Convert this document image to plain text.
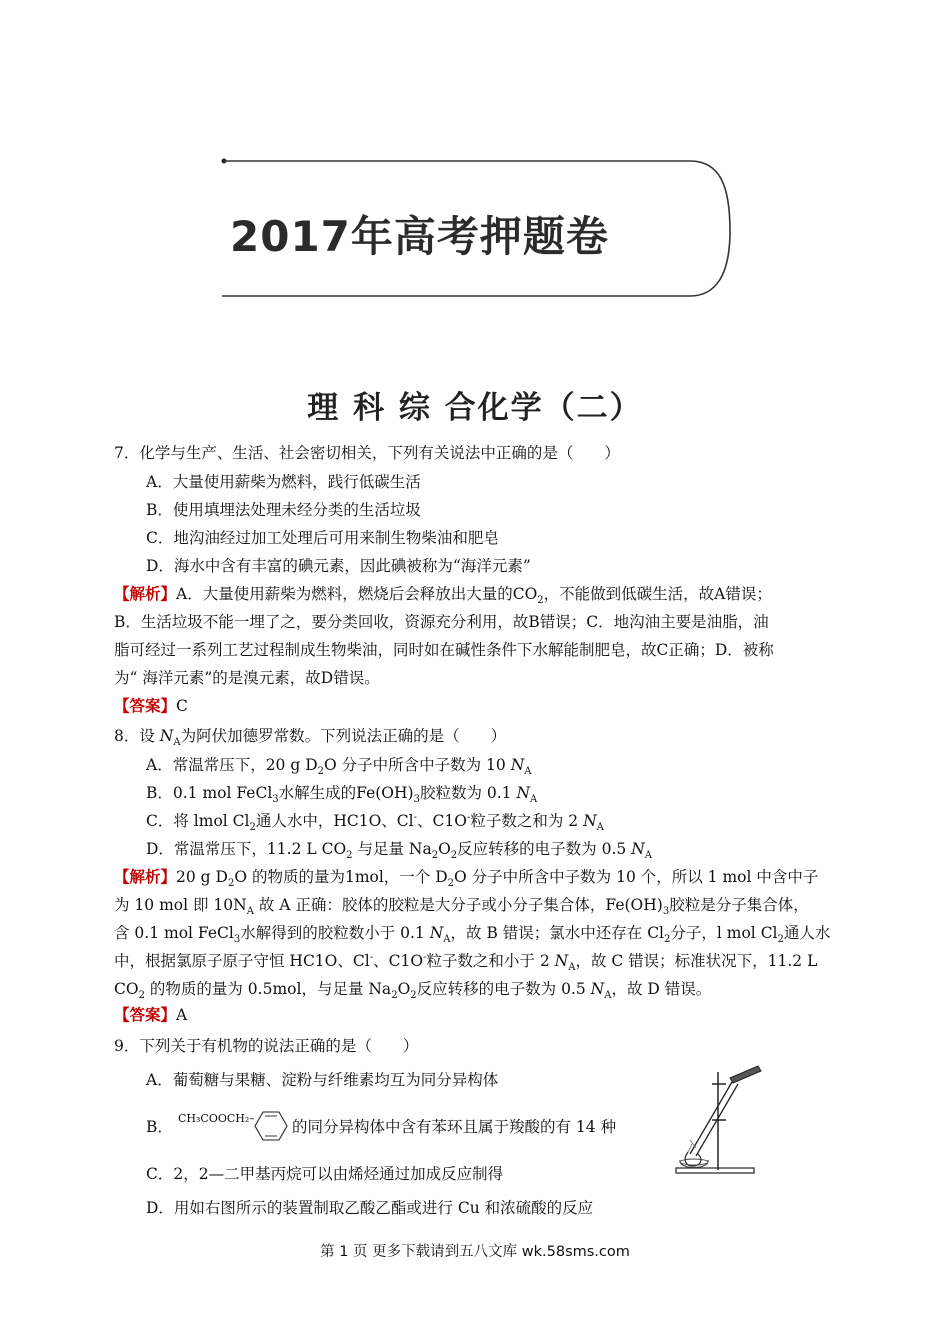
2017年高考押题卷
理 科 综 合化学（二）
7．化学与生产、生活、社会密切相关，下列有关说法中正确的是（　　）
A．大量使用薪柴为燃料，践行低碳生活
B．使用填埋法处理未经分类的生活垃圾
C．地沟油经过加工处理后可用来制生物柴油和肥皂
D．海水中含有丰富的碘元素，因此碘被称为“海洋元素”
【解析】A．大量使用薪柴为燃料，燃烧后会释放出大量的$CO_2$，不能做到低碳生活，故A错误；
B．生活垃圾不能一埋了之，要分类回收，资源充分利用，故B错误；C．地沟油主要是油脂，油
脂可经过一系列工艺过程制成生物柴油，同时如在碱性条件下水解能制肥皂，故C正确；D．被称
为“ 海洋元素”的是溴元素，故D错误。
【答案】C
8．设 $N_A$为阿伏加德罗常数。下列说法正确的是（　　）
A．常温常压下，20 g $D_2O$ 分子中所含中子数为 10 $N_A$
B．0.1 mol FeCl$_3$水解生成的$Fe(OH)_3$胶粒数为 0.1 $N_A$
C．将 lmol $Cl_2$通人水中，HC1O、Cl-、C1O-粒子数之和为 2 $N_A$
D．常温常压下，11.2 L $CO_2$ 与足量 $Na_2O_2$反应转移的电子数为 0.5 $N_A$
【解析】20 g $D_2O$ 的物质的量为1mol，一个 $D_2O$ 分子中所含中子数为 10 个，所以 1 mol 中含中子
为 10 mol 即 $10N_A$ 故 A 正确：胶体的胶粒是大分子或小分子集合体，$Fe(OH)_3$胶粒是分子集合体，
含 0.1 mol FeCl$_3$水解得到的胶粒数小于 0.1 $N_A$，故 B 错误；氯水中还存在 $Cl_2$分子，l mol $Cl_2$通人水
中，根据氯原子原子守恒 HC1O、Cl-、C1O-粒子数之和小于 2 $N_A$，故 C 错误；标准状况下，11.2 L
$CO_2$ 的物质的量为 0.5mol，与足量 $Na_2O_2$反应转移的电子数为 0.5 $N_A$，故 D 错误。
【答案】A
9．下列关于有机物的说法正确的是（　　）
A．葡萄糖与果糖、淀粉与纤维素均互为同分异构体
B． CH₃COOCH₂– 的同分异构体中含有苯环且属于羧酸的有 14 种
C．2，2—二甲基丙烷可以由烯烃通过加成反应制得
D．用如右图所示的装置制取乙酸乙酯或进行 Cu 和浓硫酸的反应
第 1 页 更多下载请到五八文库 wk.58sms.com
